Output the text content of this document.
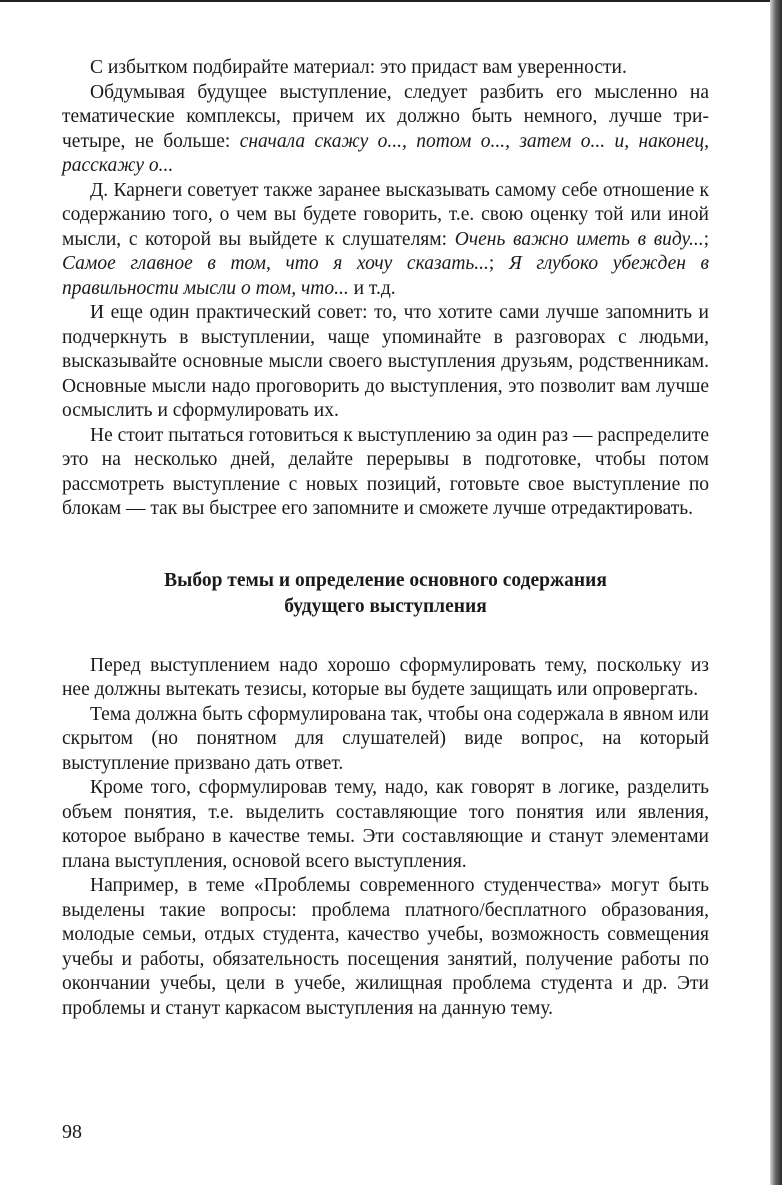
С избытком подбирайте материал: это придаст вам уверенности.

Обдумывая будущее выступление, следует разбить его мысленно на тематические комплексы, причем их должно быть немного, лучше три-четыре, не больше: сначала скажу о..., потом о..., затем о... и, наконец, расскажу о...

Д. Карнеги советует также заранее высказывать самому себе отношение к содержанию того, о чем вы будете говорить, т.е. свою оценку той или иной мысли, с которой вы выйдете к слушателям: Очень важно иметь в виду...; Самое главное в том, что я хочу сказать...; Я глубоко убежден в правильности мысли о том, что... и т.д.

И еще один практический совет: то, что хотите сами лучше запомнить и подчеркнуть в выступлении, чаще упоминайте в разговорах с людьми, высказывайте основные мысли своего выступления друзьям, родственникам. Основные мысли надо проговорить до выступления, это позволит вам лучше осмыслить и сформулировать их.

Не стоит пытаться готовиться к выступлению за один раз — распределите это на несколько дней, делайте перерывы в подготовке, чтобы потом рассмотреть выступление с новых позиций, готовьте свое выступление по блокам — так вы быстрее его запомните и сможете лучше отредактировать.

Выбор темы и определение основного содержания
будущего выступления

Перед выступлением надо хорошо сформулировать тему, поскольку из нее должны вытекать тезисы, которые вы будете защищать или опровергать.

Тема должна быть сформулирована так, чтобы она содержала в явном или скрытом (но понятном для слушателей) виде вопрос, на который выступление призвано дать ответ.

Кроме того, сформулировав тему, надо, как говорят в логике, разделить объем понятия, т.е. выделить составляющие того понятия или явления, которое выбрано в качестве темы. Эти составляющие и станут элементами плана выступления, основой всего выступления.

Например, в теме «Проблемы современного студенчества» могут быть выделены такие вопросы: проблема платного/бесплатного образования, молодые семьи, отдых студента, качество учебы, возможность совмещения учебы и работы, обязательность посещения занятий, получение работы по окончании учебы, цели в учебе, жилищная проблема студента и др. Эти проблемы и станут каркасом выступления на данную тему.

98
